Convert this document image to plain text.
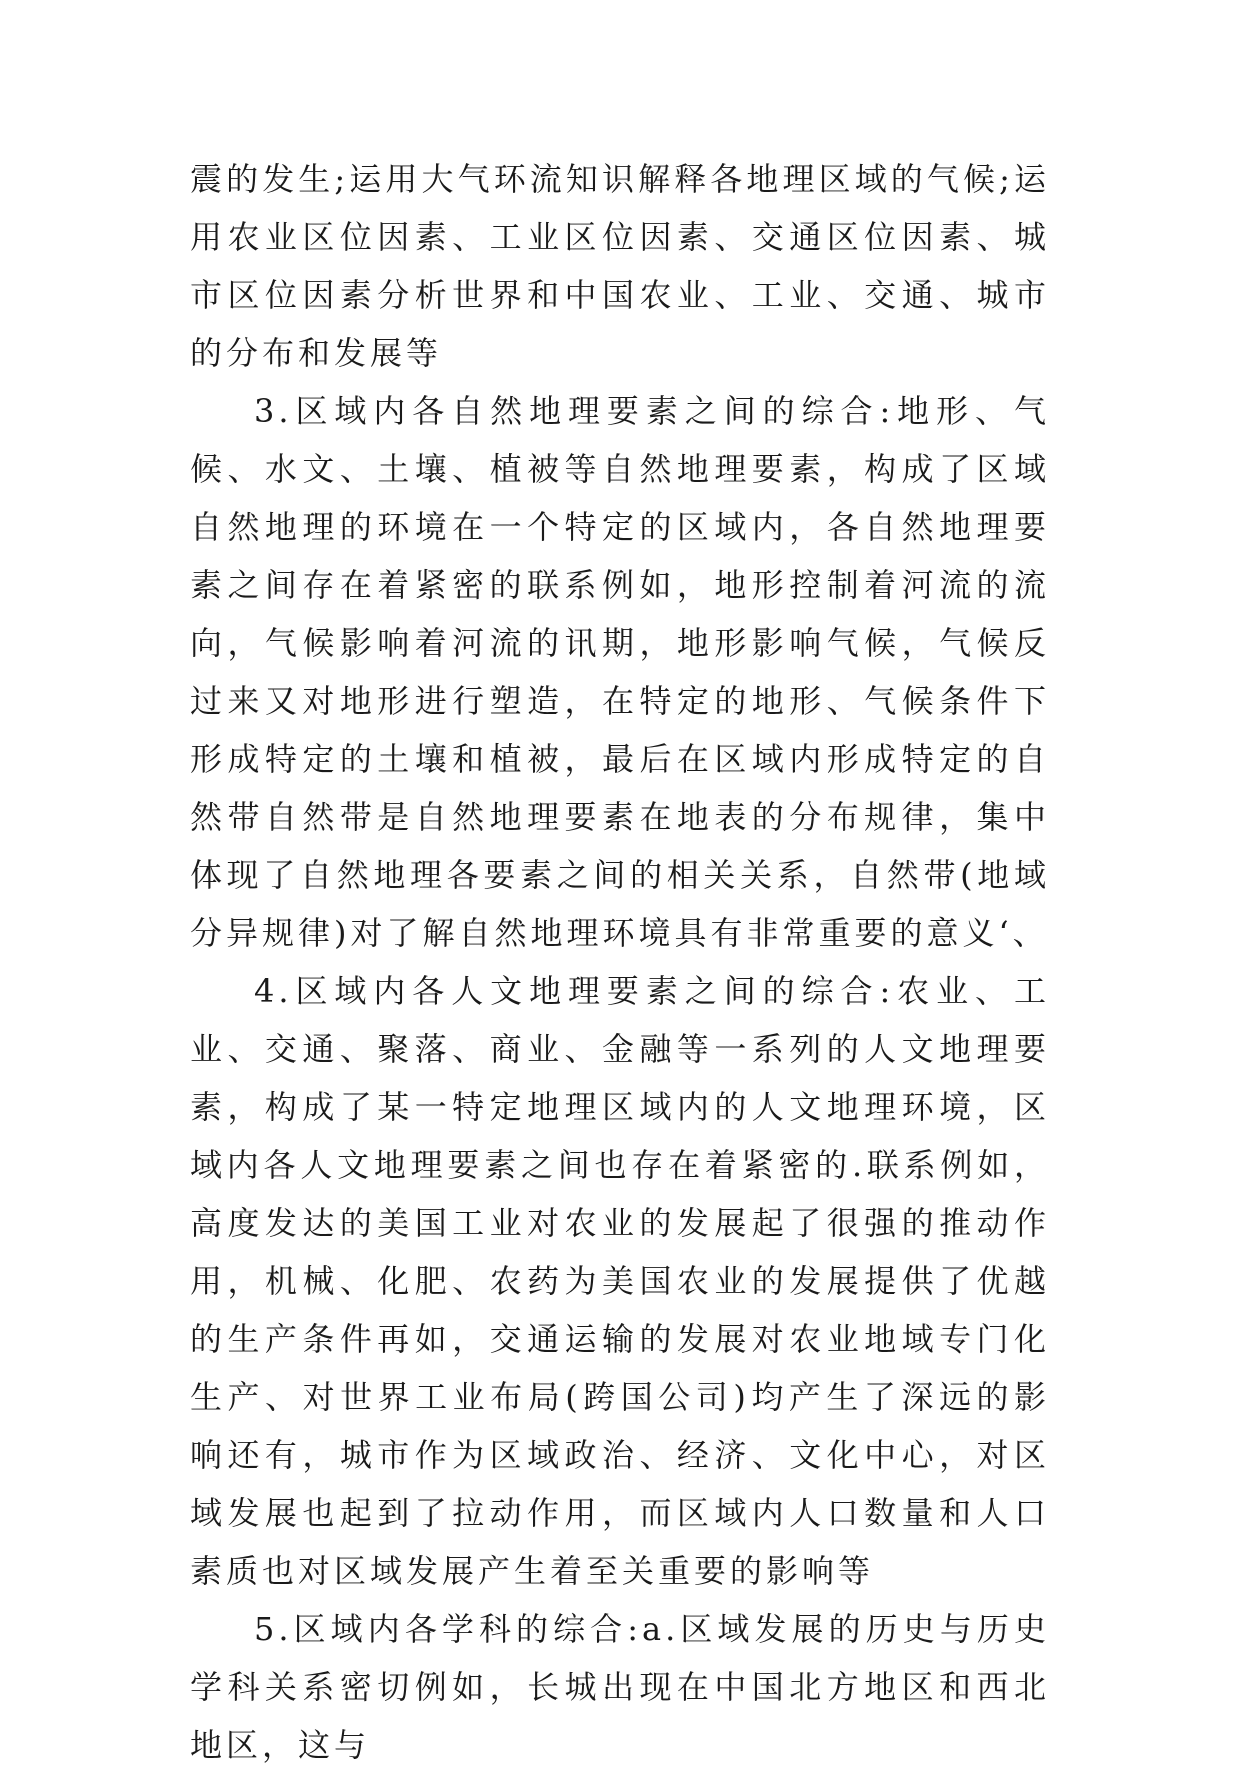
震的发生;运用大气环流知识解释各地理区域的气候;运用农业区位因素、工业区位因素、交通区位因素、城市区位因素分析世界和中国农业、工业、交通、城市的分布和发展等

3.区域内各自然地理要素之间的综合:地形、气候、水文、土壤、植被等自然地理要素，构成了区域自然地理的环境在一个特定的区域内，各自然地理要素之间存在着紧密的联系例如，地形控制着河流的流向，气候影响着河流的讯期，地形影响气候，气候反过来又对地形进行塑造，在特定的地形、气候条件下形成特定的土壤和植被，最后在区域内形成特定的自然带自然带是自然地理要素在地表的分布规律，集中体现了自然地理各要素之间的相关关系，自然带(地域分异规律)对了解自然地理环境具有非常重要的意义‘、

4.区域内各人文地理要素之间的综合:农业、工业、交通、聚落、商业、金融等一系列的人文地理要素，构成了某一特定地理区域内的人文地理环境，区域内各人文地理要素之间也存在着紧密的.联系例如，高度发达的美国工业对农业的发展起了很强的推动作用，机械、化肥、农药为美国农业的发展提供了优越的生产条件再如，交通运输的发展对农业地域专门化生产、对世界工业布局(跨国公司)均产生了深远的影响还有，城市作为区域政治、经济、文化中心，对区域发展也起到了拉动作用，而区域内人口数量和人口素质也对区域发展产生着至关重要的影响等

5.区域内各学科的综合:a.区域发展的历史与历史学科关系密切例如，长城出现在中国北方地区和西北地区，这与
